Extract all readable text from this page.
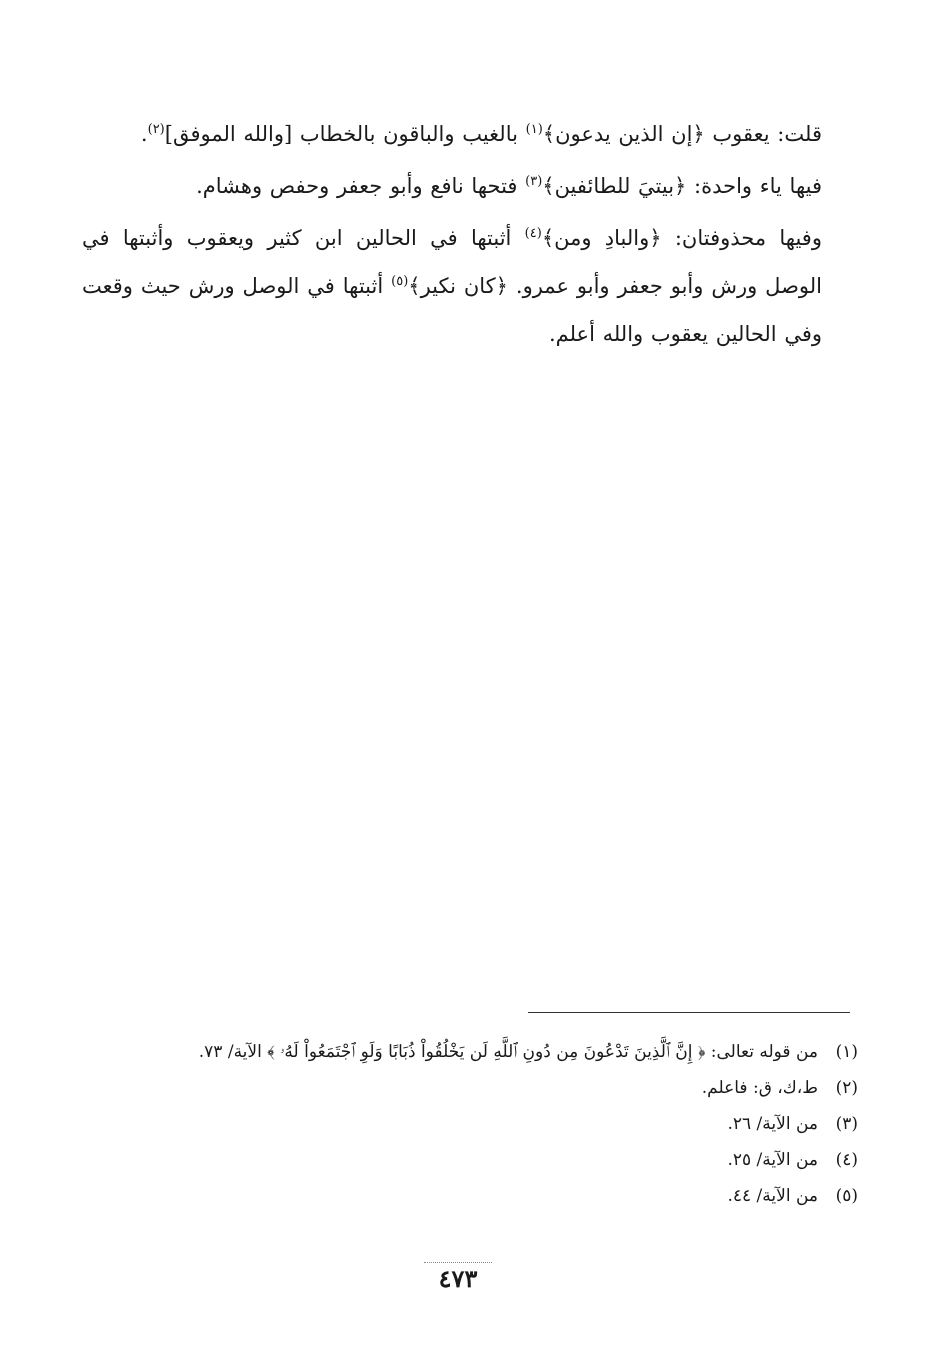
قلت: يعقوب ﴿إن الذين يدعون﴾$^{(١)}$ بالغيب والباقون بالخطاب [والله الموفق]$^{(٢)}$.

فيها ياء واحدة: ﴿بيتيَ للطائفين﴾$^{(٣)}$ فتحها نافع وأبو جعفر وحفص وهشام.

وفيها محذوفتان: ﴿والبادِ ومن﴾$^{(٤)}$ أثبتها في الحالين ابن كثير ويعقوب وأثبتها في الوصل ورش وأبو جعفر وأبو عمرو. ﴿كان نكير﴾$^{(٥)}$ أثبتها في الوصل ورش حيث وقعت وفي الحالين يعقوب والله أعلم.

(١)من قوله تعالى: ﴿ إِنَّ ٱلَّذِينَ تَدْعُونَ مِن دُونِ ٱللَّهِ لَن يَخْلُقُواْ ذُبَابًا وَلَوِ ٱجْتَمَعُواْ لَهُۥ ﴾ الآية/ ٧٣.
(٢)ط،ك، ق: فاعلم.
(٣)من الآية/ ٢٦.
(٤)من الآية/ ٢٥.
(٥)من الآية/ ٤٤.
٤٧٣
